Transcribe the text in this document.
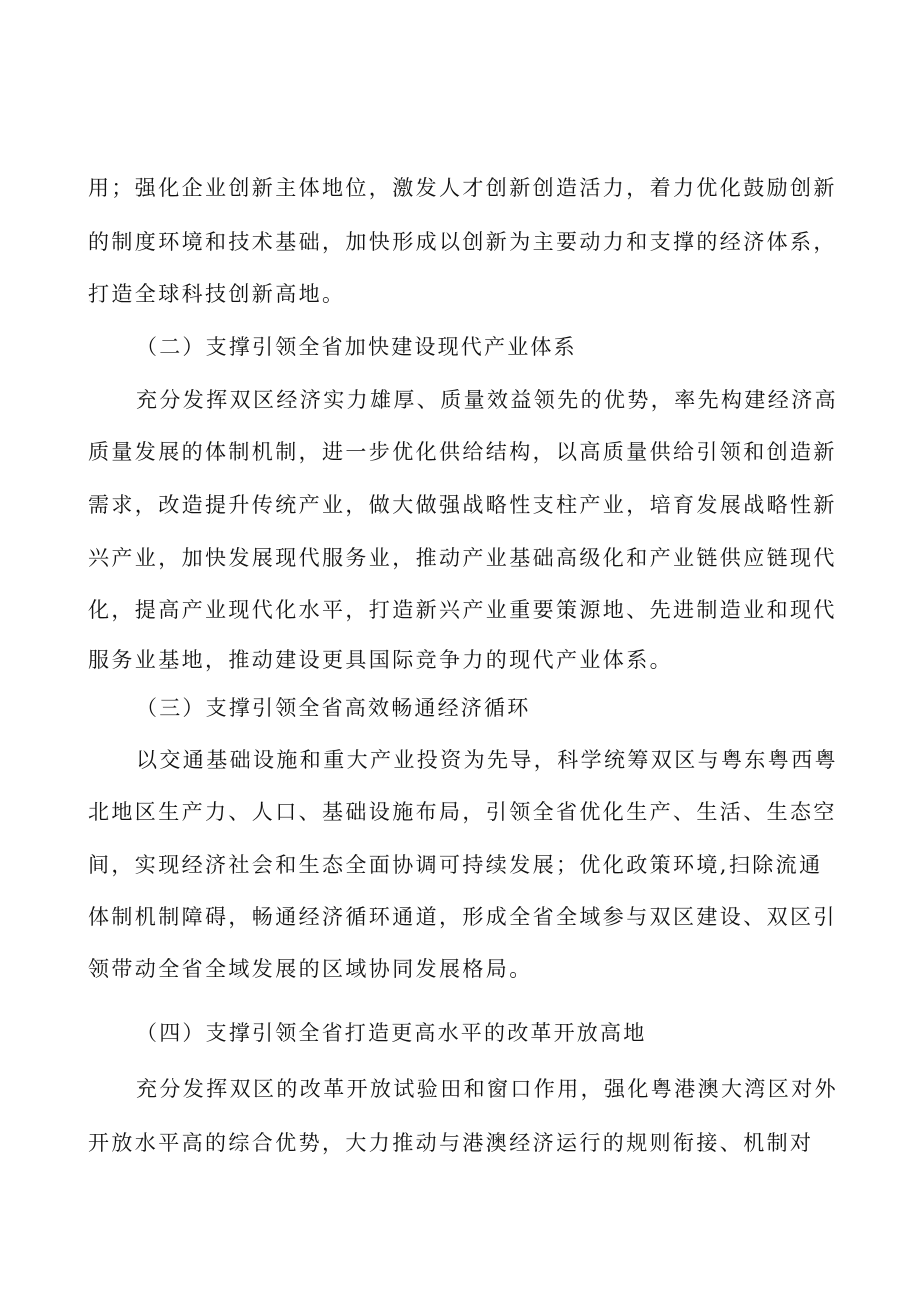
用；强化企业创新主体地位，激发人才创新创造活力，着力优化鼓励创新

的制度环境和技术基础，加快形成以创新为主要动力和支撑的经济体系，

打造全球科技创新高地。

（二）支撑引领全省加快建设现代产业体系

充分发挥双区经济实力雄厚、质量效益领先的优势，率先构建经济高

质量发展的体制机制，进一步优化供给结构，以高质量供给引领和创造新

需求，改造提升传统产业，做大做强战略性支柱产业，培育发展战略性新

兴产业，加快发展现代服务业，推动产业基础高级化和产业链供应链现代

化，提高产业现代化水平，打造新兴产业重要策源地、先进制造业和现代

服务业基地，推动建设更具国际竞争力的现代产业体系。

（三）支撑引领全省高效畅通经济循环

以交通基础设施和重大产业投资为先导，科学统筹双区与粤东粤西粤

北地区生产力、人口、基础设施布局，引领全省优化生产、生活、生态空

间，实现经济社会和生态全面协调可持续发展；优化政策环境,扫除流通

体制机制障碍，畅通经济循环通道，形成全省全域参与双区建设、双区引

领带动全省全域发展的区域协同发展格局。

（四）支撑引领全省打造更高水平的改革开放高地

充分发挥双区的改革开放试验田和窗口作用，强化粤港澳大湾区对外

开放水平高的综合优势，大力推动与港澳经济运行的规则衔接、机制对
